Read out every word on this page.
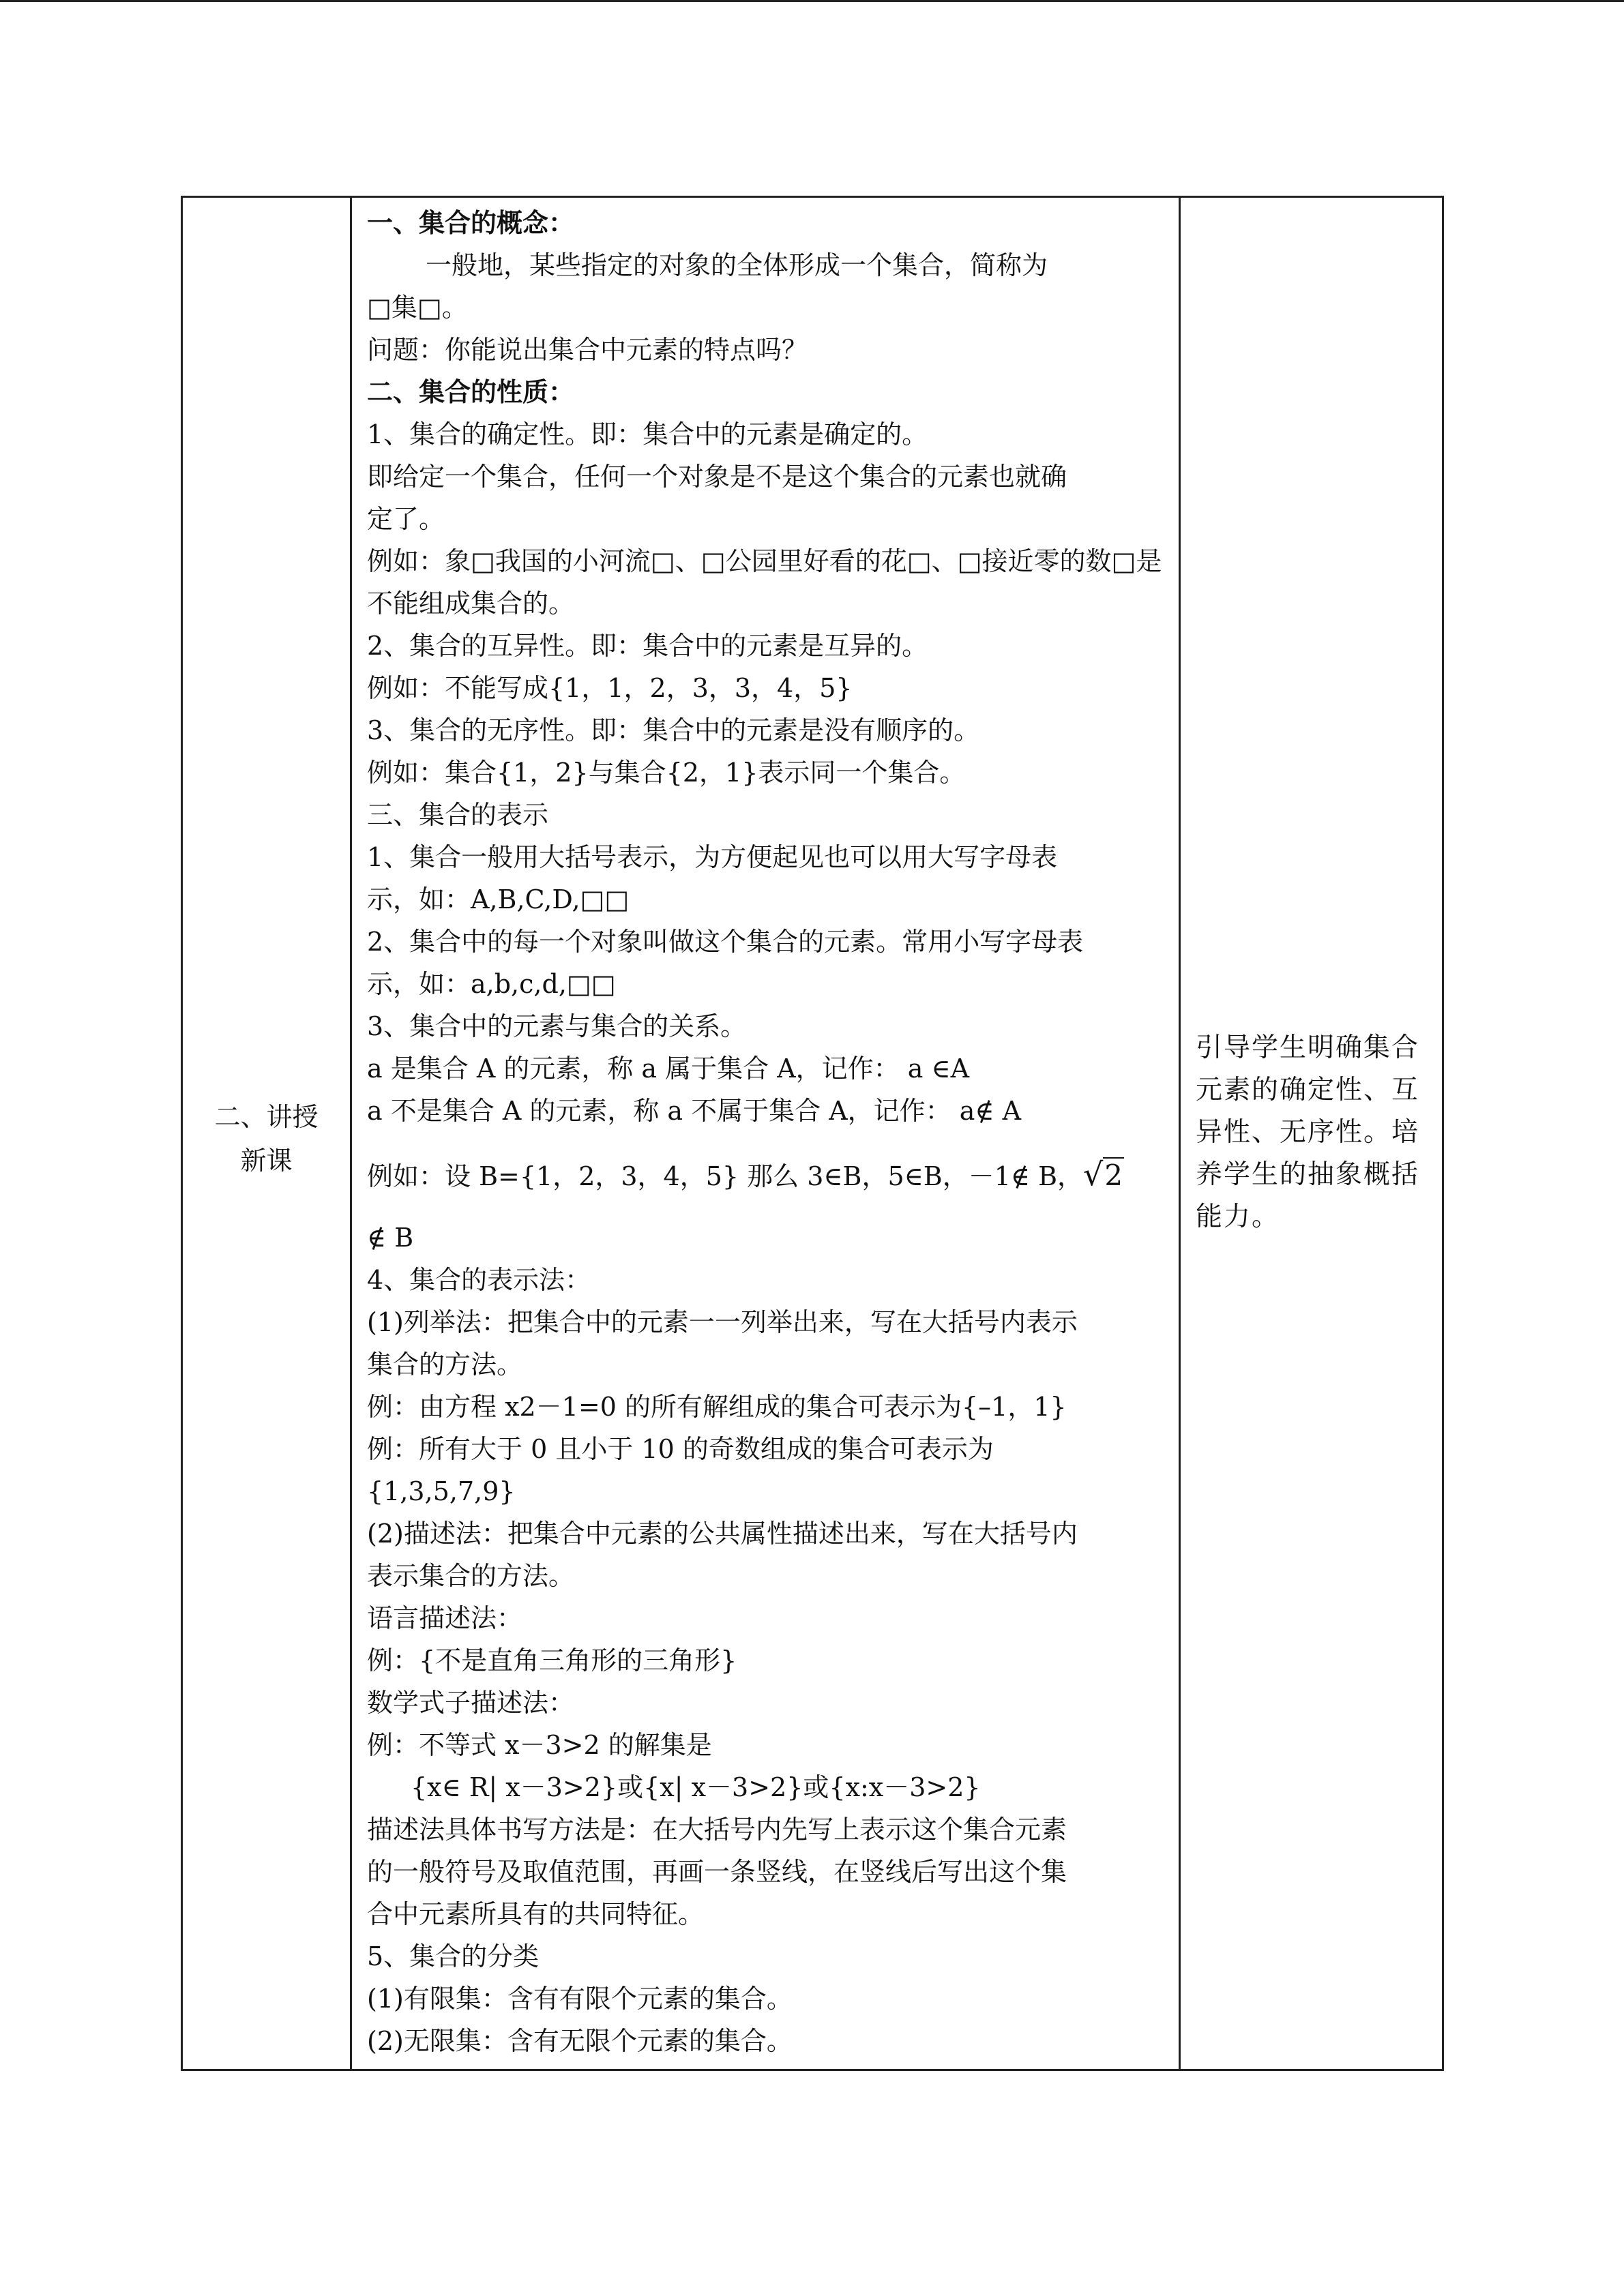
二、讲授
新课
一、集合的概念：
一般地，某些指定的对象的全体形成一个集合，简称为
□集□。
问题：你能说出集合中元素的特点吗？
二、集合的性质：
1、集合的确定性。即：集合中的元素是确定的。
即给定一个集合，任何一个对象是不是这个集合的元素也就确
定了。
例如：象□我国的小河流□、□公园里好看的花□、□接近零的数□是
不能组成集合的。
2、集合的互异性。即：集合中的元素是互异的。
例如：不能写成{1，1，2，3，3，4，5}
3、集合的无序性。即：集合中的元素是没有顺序的。
例如：集合{1，2}与集合{2，1}表示同一个集合。
三、集合的表示
1、集合一般用大括号表示，为方便起见也可以用大写字母表
示，如：A,B,C,D,□□
2、集合中的每一个对象叫做这个集合的元素。常用小写字母表
示，如：a,b,c,d,□□
3、集合中的元素与集合的关系。
a 是集合 A 的元素，称 a 属于集合 A，记作： a ∈A
a 不是集合 A 的元素，称 a 不属于集合 A，记作： a∉ A
例如：设 B={1，2，3，4，5} 那么 3∈B，5∈B，－1∉ B，√2
∉ B
4、集合的表示法：
(1)列举法：把集合中的元素一一列举出来，写在大括号内表示
集合的方法。
例：由方程 x2－1=0 的所有解组成的集合可表示为{–1，1}
例：所有大于 0 且小于 10 的奇数组成的集合可表示为
{1,3,5,7,9}
(2)描述法：把集合中元素的公共属性描述出来，写在大括号内
表示集合的方法。
语言描述法：
例：{不是直角三角形的三角形}
数学式子描述法：
例：不等式 x－3>2 的解集是
{x∈ R| x－3>2}或{x| x－3>2}或{x:x－3>2}
描述法具体书写方法是：在大括号内先写上表示这个集合元素
的一般符号及取值范围，再画一条竖线，在竖线后写出这个集
合中元素所具有的共同特征。
5、集合的分类
(1)有限集：含有有限个元素的集合。
(2)无限集：含有无限个元素的集合。
引导学生明确集合
元素的确定性、互
异性、无序性。培
养学生的抽象概括
能力。
